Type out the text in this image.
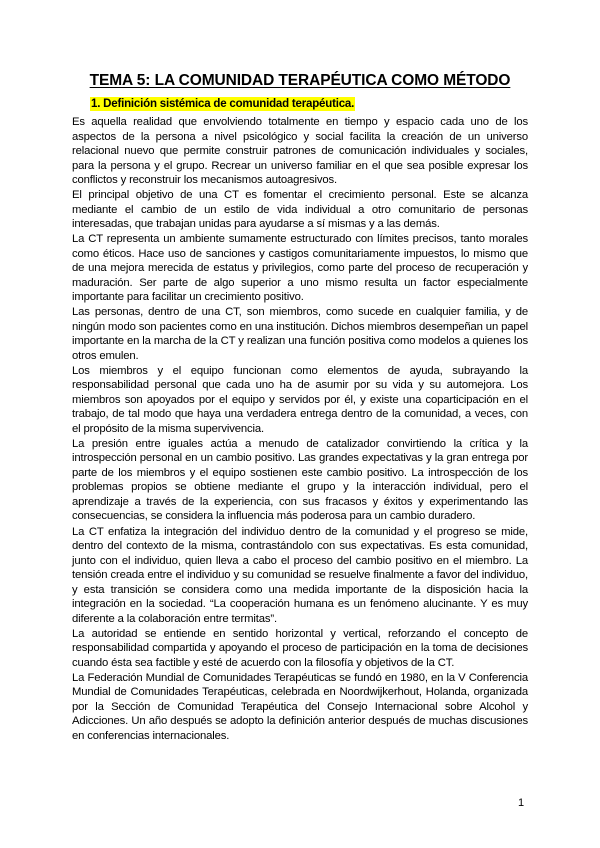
TEMA 5: LA COMUNIDAD TERAPÉUTICA COMO MÉTODO
1. Definición sistémica de comunidad terapéutica.

Es aquella realidad que envolviendo totalmente en tiempo y espacio cada uno de los aspectos de la persona a nivel psicológico y social facilita la creación de un universo relacional nuevo que permite construir patrones de comunicación individuales y sociales, para la persona y el grupo. Recrear un universo familiar en el que sea posible expresar los conflictos y reconstruir los mecanismos autoagresivos.

El principal objetivo de una CT es fomentar el crecimiento personal. Este se alcanza mediante el cambio de un estilo de vida individual a otro comunitario de personas interesadas, que trabajan unidas para ayudarse a sí mismas y a las demás.

La CT representa un ambiente sumamente estructurado con límites precisos, tanto morales como éticos. Hace uso de sanciones y castigos comunitariamente impuestos, lo mismo que de una mejora merecida de estatus y privilegios, como parte del proceso de recuperación y maduración. Ser parte de algo superior a uno mismo resulta un factor especialmente importante para facilitar un crecimiento positivo.

Las personas, dentro de una CT, son miembros, como sucede en cualquier familia, y de ningún modo son pacientes como en una institución. Dichos miembros desempeñan un papel importante en la marcha de la CT y realizan una función positiva como modelos a quienes los otros emulen.

Los miembros y el equipo funcionan como elementos de ayuda, subrayando la responsabilidad personal que cada uno ha de asumir por su vida y su automejora. Los miembros son apoyados por el equipo y servidos por él, y existe una coparticipación en el trabajo, de tal modo que haya una verdadera entrega dentro de la comunidad, a veces, con el propósito de la misma supervivencia.

La presión entre iguales actúa a menudo de catalizador convirtiendo la crítica y la introspección personal en un cambio positivo. Las grandes expectativas y la gran entrega por parte de los miembros y el equipo sostienen este cambio positivo. La introspección de los problemas propios se obtiene mediante el grupo y la interacción individual, pero el aprendizaje a través de la experiencia, con sus fracasos y éxitos y experimentando las consecuencias, se considera la influencia más poderosa para un cambio duradero.

La CT enfatiza la integración del individuo dentro de la comunidad y el progreso se mide, dentro del contexto de la misma, contrastándolo con sus expectativas. Es esta comunidad, junto con el individuo, quien lleva a cabo el proceso del cambio positivo en el miembro. La tensión creada entre el individuo y su comunidad se resuelve finalmente a favor del individuo, y esta transición se considera como una medida importante de la disposición hacia la integración en la sociedad. “La cooperación humana es un fenómeno alucinante. Y es muy diferente a la colaboración entre termitas”.

La autoridad se entiende en sentido horizontal y vertical, reforzando el concepto de responsabilidad compartida y apoyando el proceso de participación en la toma de decisiones cuando ésta sea factible y esté de acuerdo con la filosofía y objetivos de la CT.

La Federación Mundial de Comunidades Terapéuticas se fundó en 1980, en la V Conferencia Mundial de Comunidades Terapéuticas, celebrada en Noordwijkerhout, Holanda, organizada por la Sección de Comunidad Terapéutica del Consejo Internacional sobre Alcohol y Adicciones. Un año después se adopto la definición anterior después de muchas discusiones en conferencias internacionales.

1
